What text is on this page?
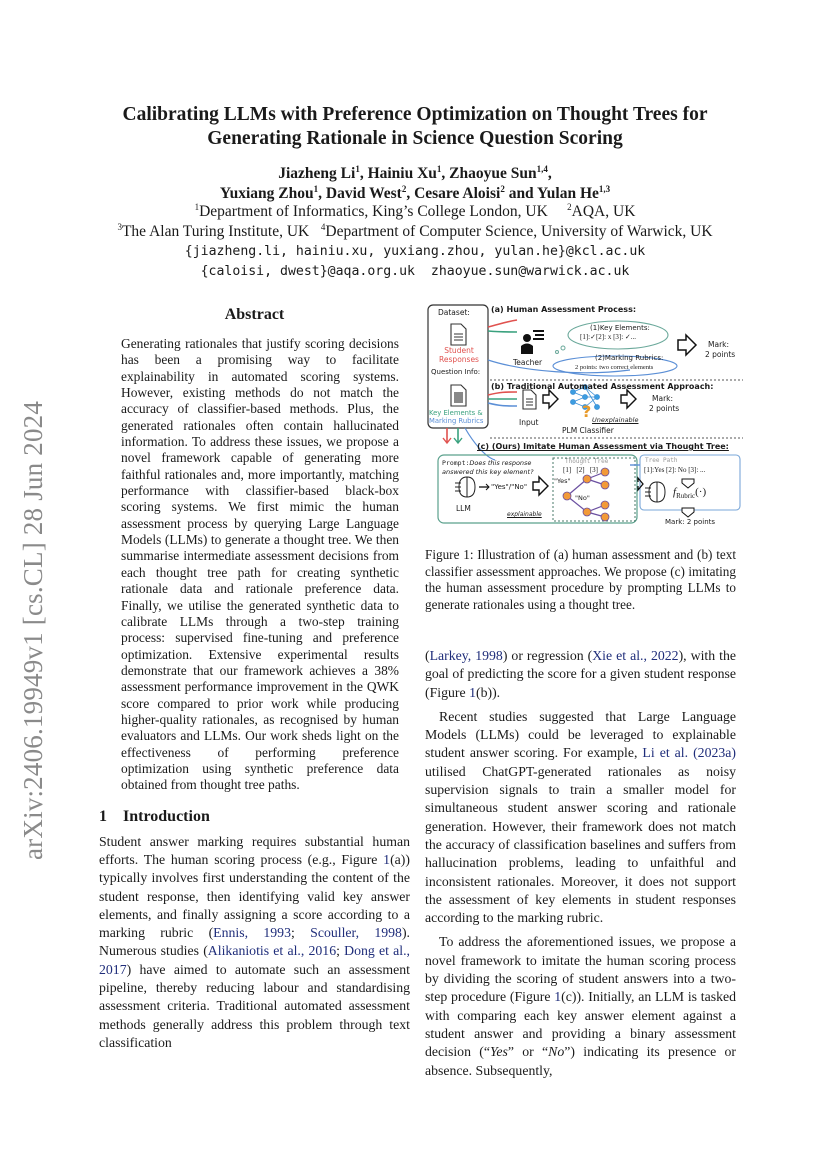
arXiv:2406.19949v1 [cs.CL] 28 Jun 2024
Calibrating LLMs with Preference Optimization on Thought Trees for
Generating Rationale in Science Question Scoring
Jiazheng Li$^1$, Hainiu Xu$^1$, Zhaoyue Sun$^{1,4}$,
Yuxiang Zhou$^1$, David West$^2$, Cesare Aloisi$^2$ and Yulan He$^{1,3}$
$^1$Department of Informatics, King’s College London, UK $^2$AQA, UK
$^3$The Alan Turing Institute, UK $^4$Department of Computer Science, University of Warwick, UK
{jiazheng.li, hainiu.xu, yuxiang.zhou, yulan.he}@kcl.ac.uk
{caloisi, dwest}@aqa.org.uk zhaoyue.sun@warwick.ac.uk
Abstract
Generating rationales that justify scoring decisions has been a promising way to facilitate explainability in automated scoring systems. However, existing methods do not match the accuracy of classifier-based methods. Plus, the generated rationales often contain hallucinated information. To address these issues, we propose a novel framework capable of generating more faithful rationales and, more importantly, matching performance with classifier-based black-box scoring systems. We first mimic the human assessment process by querying Large Language Models (LLMs) to generate a thought tree. We then summarise intermediate assessment decisions from each thought tree path for creating synthetic rationale data and rationale preference data. Finally, we utilise the generated synthetic data to calibrate LLMs through a two-step training process: supervised fine-tuning and preference optimization. Extensive experimental results demonstrate that our framework achieves a 38% assessment performance improvement in the QWK score compared to prior work while producing higher-quality rationales, as recognised by human evaluators and LLMs. Our work sheds light on the effectiveness of performing preference optimization using synthetic preference data obtained from thought tree paths.
1 Introduction

Student answer marking requires substantial human efforts. The human scoring process (e.g., Figure 1(a)) typically involves first understanding the content of the student response, then identifying valid key answer elements, and finally assigning a score according to a marking rubric (Ennis, 1993; Scouller, 1998). Numerous studies (Alikaniotis et al., 2016; Dong et al., 2017) have aimed to automate such an assessment pipeline, thereby reducing labour and standardising assessment criteria. Traditional automated assessment methods generally address this problem through text classification

?
Dataset:
Student
Responses
Question Info:
Key Elements &
Marking Rubrics
(a) Human Assessment Process:
(1)Key Elements:
[1]:✓[2]: x [3]: ✓...
Teacher	(2)Marking Rubrics:
2 points: two correct elements
Mark:
2 points
(b) Traditional Automated Assessment Approach:
Input
PLM Classifier
Unexplainable
Mark:
2 points
(c) (Ours) Imitate Human Assessment via Thought Tree:
Prompt:Does this response
answered this key element?
"Yes"/"No"
LLM
explainable
Thought Tree
[1] [2] [3]
"Yes"
"No"
Tree Path
[1]:Yes [2]: No [3]: ...
$f_{Rubric}(\cdot)$
Mark: 2 points
Figure 1: Illustration of (a) human assessment and (b) text classifier assessment approaches. We propose (c) imitating the human assessment procedure by prompting LLMs to generate rationales using a thought tree.

(Larkey, 1998) or regression (Xie et al., 2022), with the goal of predicting the score for a given student response (Figure 1(b)).

Recent studies suggested that Large Language Models (LLMs) could be leveraged to explainable student answer scoring. For example, Li et al. (2023a) utilised ChatGPT-generated rationales as noisy supervision signals to train a smaller model for simultaneous student answer scoring and rationale generation. However, their framework does not match the accuracy of classification baselines and suffers from hallucination problems, leading to unfaithful and inconsistent rationales. Moreover, it does not support the assessment of key elements in student responses according to the marking rubric.

To address the aforementioned issues, we propose a novel framework to imitate the human scoring process by dividing the scoring of student answers into a two-step procedure (Figure 1(c)). Initially, an LLM is tasked with comparing each key answer element against a student answer and providing a binary assessment decision (“Yes” or “No”) indicating its presence or absence. Subsequently,
